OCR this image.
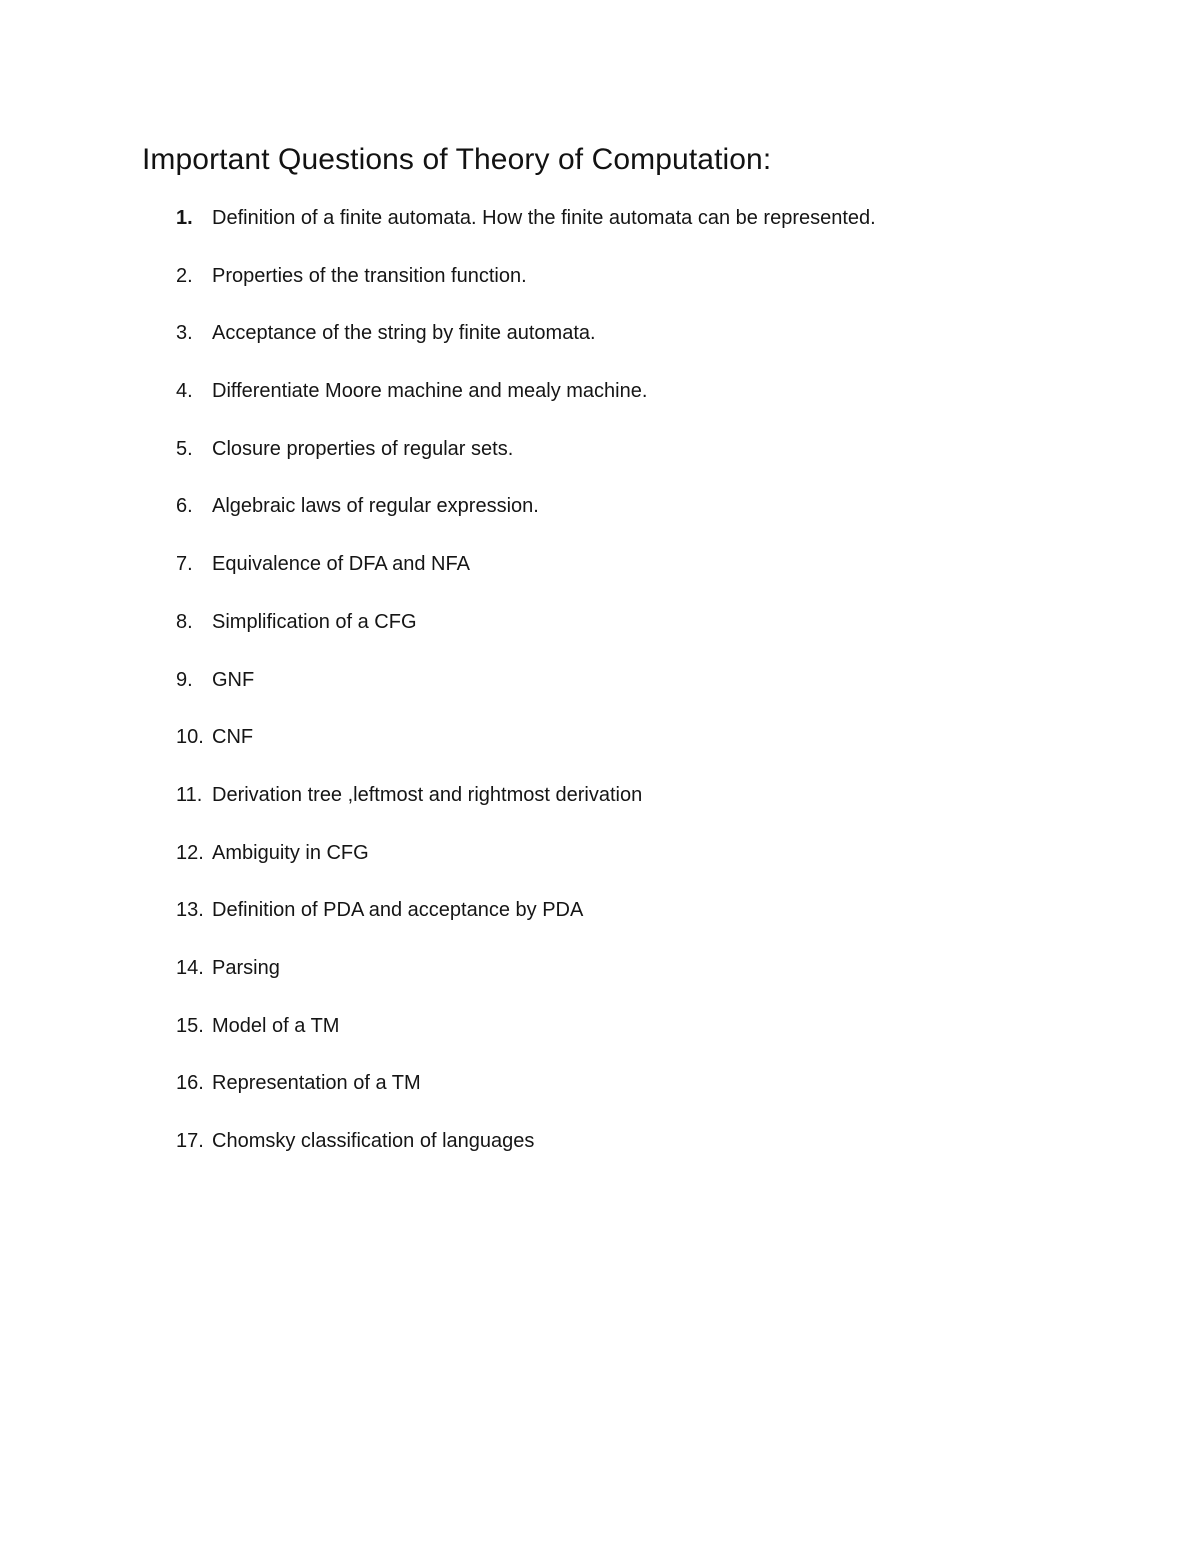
Important Questions of Theory of Computation:
1. Definition of a finite automata. How the finite automata can be represented.
2. Properties of the transition function.
3. Acceptance of the string by finite automata.
4. Differentiate Moore machine and mealy machine.
5. Closure properties of regular sets.
6. Algebraic laws of regular expression.
7. Equivalence of DFA and NFA
8. Simplification of a CFG
9. GNF
10. CNF
11. Derivation tree ,leftmost and rightmost derivation
12. Ambiguity in CFG
13. Definition of PDA and acceptance by PDA
14. Parsing
15. Model of a TM
16. Representation of a TM
17. Chomsky classification of languages
